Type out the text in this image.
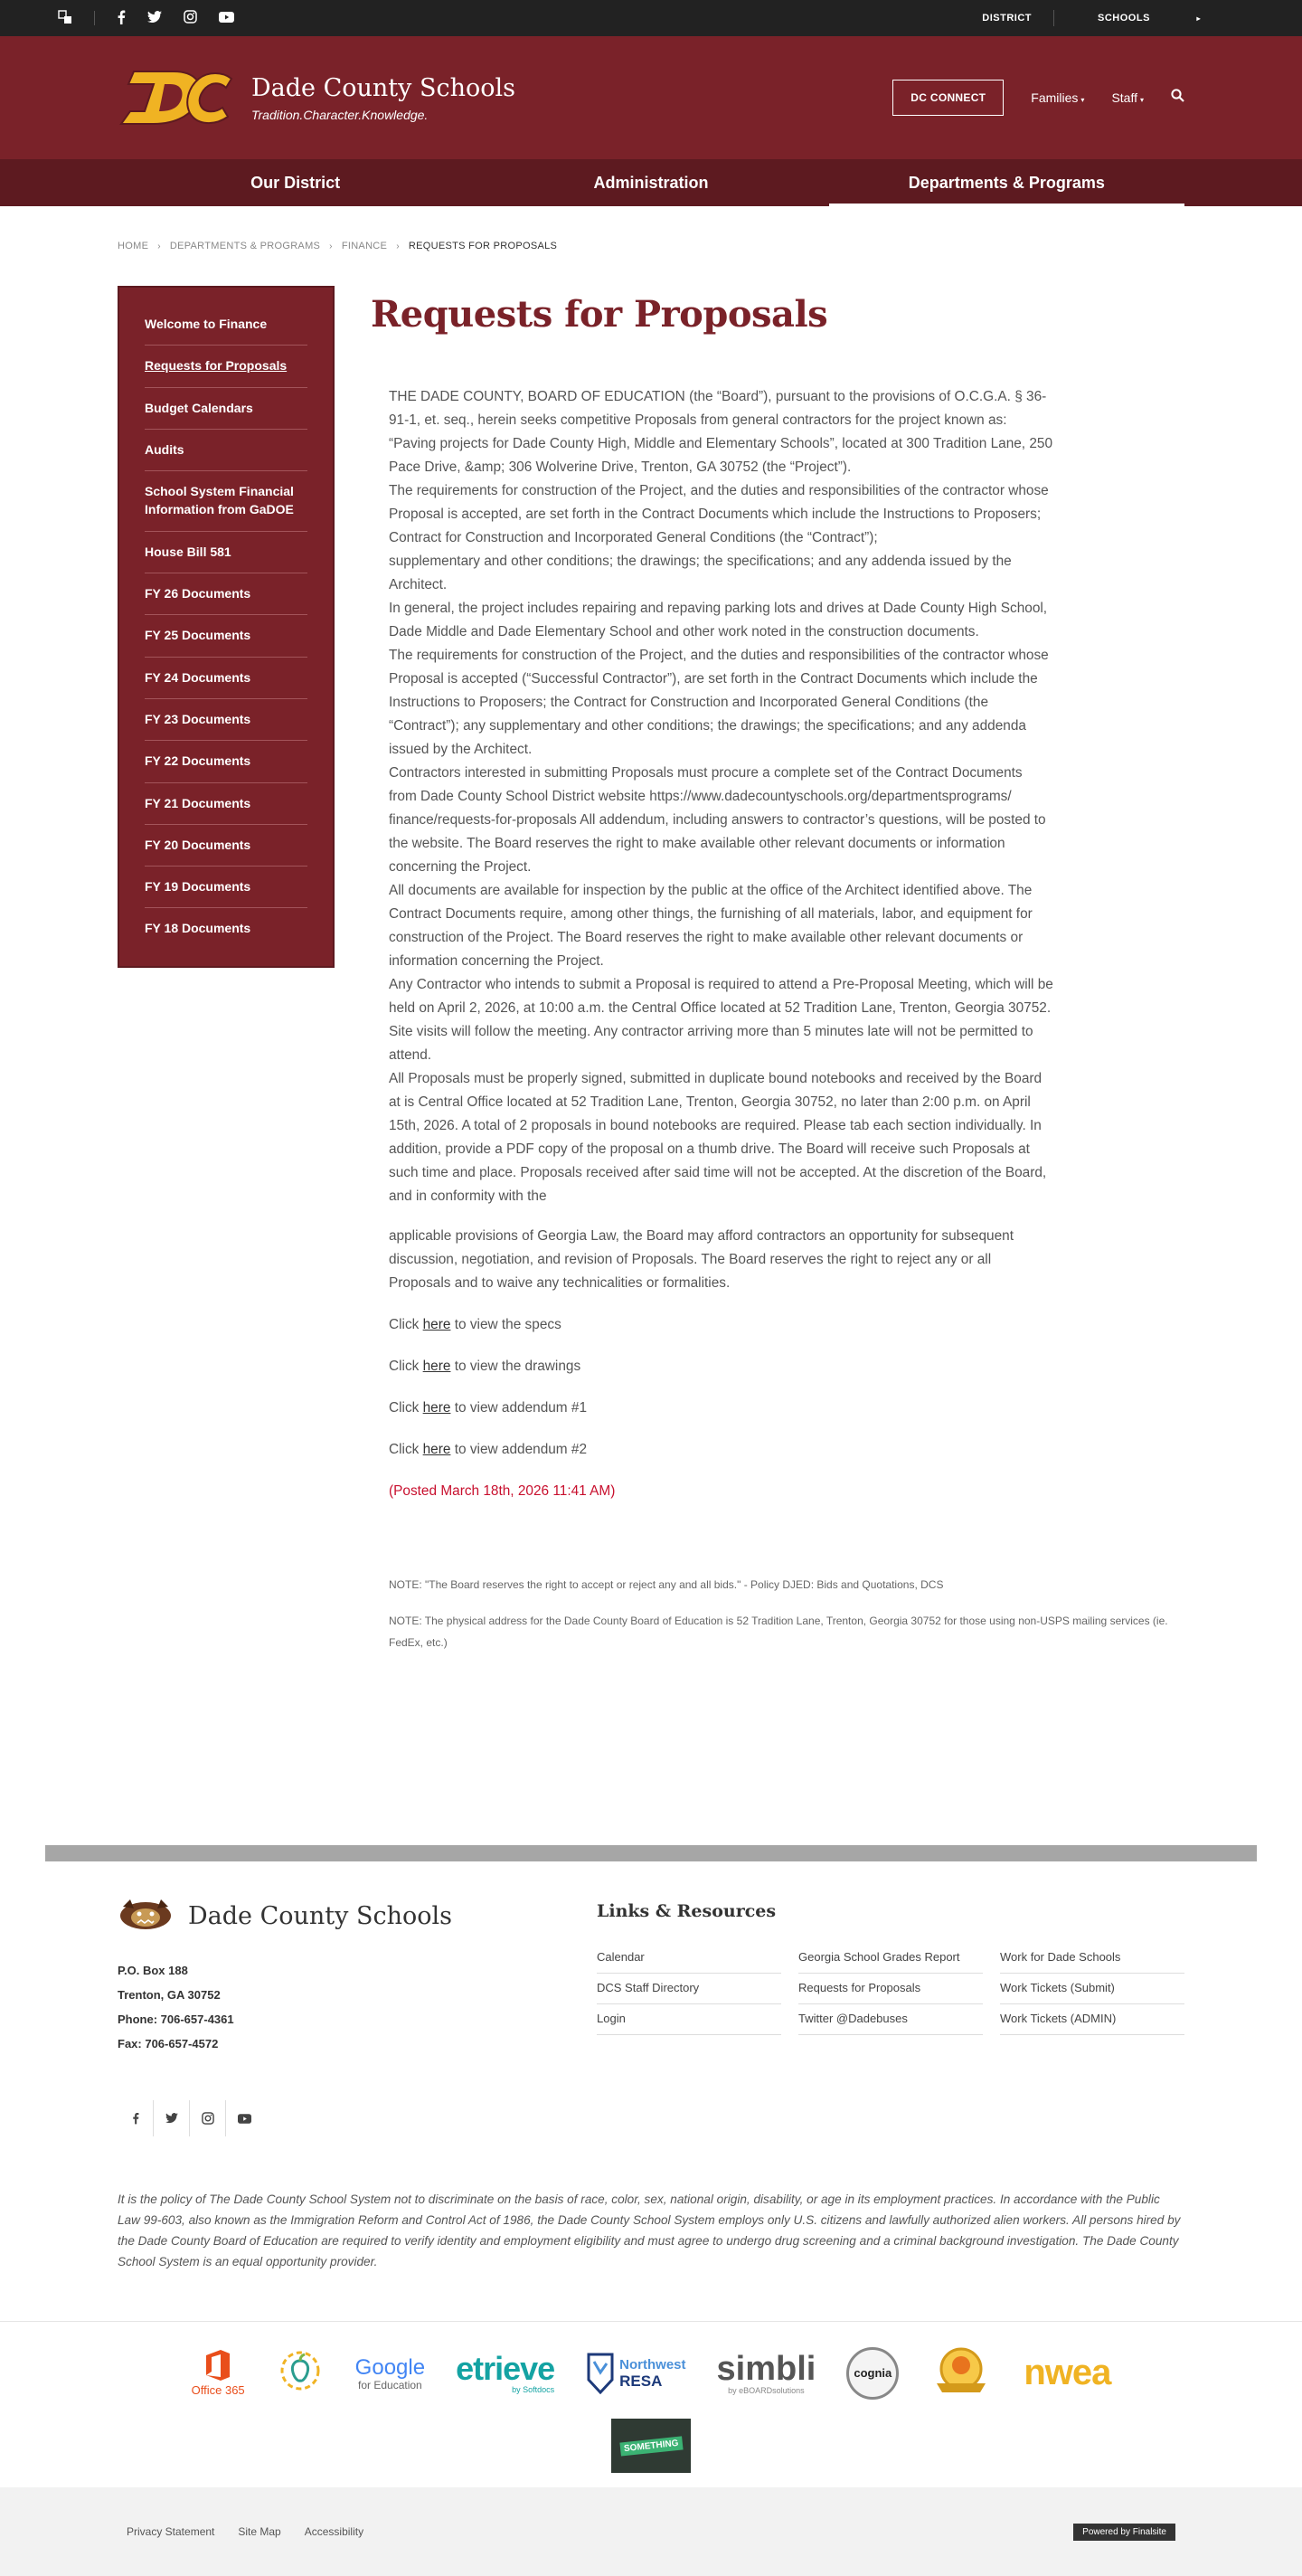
DISTRICT	SCHOOLS	▸
Dade County Schools
Tradition.Character.Knowledge.
DC CONNECT	Families ▾ Staff ▾
Our District	Administration	Departments & Programs
HOME › DEPARTMENTS & PROGRAMS › FINANCE › REQUESTS FOR PROPOSALS
Welcome to Finance
Requests for Proposals
Budget Calendars
Audits
School System Financial Information from GaDOE
House Bill 581
FY 26 Documents
FY 25 Documents
FY 24 Documents
FY 23 Documents
FY 22 Documents
FY 21 Documents
FY 20 Documents
FY 19 Documents
FY 18 Documents
Requests for Proposals

THE DADE COUNTY, BOARD OF EDUCATION (the “Board”), pursuant to the provisions of O.C.G.A. § 36-91-1, et. seq., herein seeks competitive Proposals from general contractors for the project known as: “Paving projects for Dade County High, Middle and Elementary Schools”, located at 300 Tradition Lane, 250 Pace Drive, &amp; 306 Wolverine Drive, Trenton, GA 30752 (the “Project”).

The requirements for construction of the Project, and the duties and responsibilities of the contractor whose Proposal is accepted, are set forth in the Contract Documents which include the Instructions to Proposers; Contract for Construction and Incorporated General Conditions (the “Contract”);

supplementary and other conditions; the drawings; the specifications; and any addenda issued by the Architect.

In general, the project includes repairing and repaving parking lots and drives at Dade County High School, Dade Middle and Dade Elementary School and other work noted in the construction documents.

The requirements for construction of the Project, and the duties and responsibilities of the contractor whose Proposal is accepted (“Successful Contractor”), are set forth in the Contract Documents which include the Instructions to Proposers; the Contract for Construction and Incorporated General Conditions (the “Contract”); any supplementary and other conditions; the drawings; the specifications; and any addenda issued by the Architect.

Contractors interested in submitting Proposals must procure a complete set of the Contract Documents from Dade County School District website https://www.dadecountyschools.org/departmentsprograms/ finance/requests-for-proposals All addendum, including answers to contractor’s questions, will be posted to the website. The Board reserves the right to make available other relevant documents or information concerning the Project.

All documents are available for inspection by the public at the office of the Architect identified above. The Contract Documents require, among other things, the furnishing of all materials, labor, and equipment for construction of the Project. The Board reserves the right to make available other relevant documents or information concerning the Project.

Any Contractor who intends to submit a Proposal is required to attend a Pre-Proposal Meeting, which will be held on April 2, 2026, at 10:00 a.m. the Central Office located at 52 Tradition Lane, Trenton, Georgia 30752. Site visits will follow the meeting. Any contractor arriving more than 5 minutes late will not be permitted to attend.

All Proposals must be properly signed, submitted in duplicate bound notebooks and received by the Board at is Central Office located at 52 Tradition Lane, Trenton, Georgia 30752, no later than 2:00 p.m. on April 15th, 2026. A total of 2 proposals in bound notebooks are required. Please tab each section individually. In addition, provide a PDF copy of the proposal on a thumb drive. The Board will receive such Proposals at such time and place. Proposals received after said time will not be accepted. At the discretion of the Board, and in conformity with the

applicable provisions of Georgia Law, the Board may afford contractors an opportunity for subsequent discussion, negotiation, and revision of Proposals. The Board reserves the right to reject any or all Proposals and to waive any technicalities or formalities.

Click here to view the specs

Click here to view the drawings

Click here to view addendum #1

Click here to view addendum #2

(Posted March 18th, 2026 11:41 AM)

NOTE: "The Board reserves the right to accept or reject any and all bids." - Policy DJED: Bids and Quotations, DCS

NOTE: The physical address for the Dade County Board of Education is 52 Tradition Lane, Trenton, Georgia 30752 for those using non-USPS mailing services (ie. FedEx, etc.)

Dade County Schools
P.O. Box 188
Trenton, GA 30752
Phone: 706-657-4361
Fax: 706-657-4572
Links & Resources
Calendar	Georgia School Grades Report	Work for Dade Schools
DCS Staff Directory	Requests for Proposals	Work Tickets (Submit)
Login	Twitter @Dadebuses	Work Tickets (ADMIN)
It is the policy of The Dade County School System not to discriminate on the basis of race, color, sex, national origin, disability, or age in its employment practices. In accordance with the Public Law 99-603, also known as the Immigration Reform and Control Act of 1986, the Dade County School System employs only U.S. citizens and lawfully authorized alien workers. All persons hired by the Dade County Board of Education are required to verify identity and employment eligibility and must agree to undergo drug screening and a criminal background investigation. The Dade County School System is an equal opportunity provider.
Office 365
Google
for Education etrieve
by Softdocs
Northwest
RESA	simbli
by eBOARDsolutions
cognia	nwea
SOMETHING
Privacy Statement Site Map Accessibility	Powered by Finalsite
